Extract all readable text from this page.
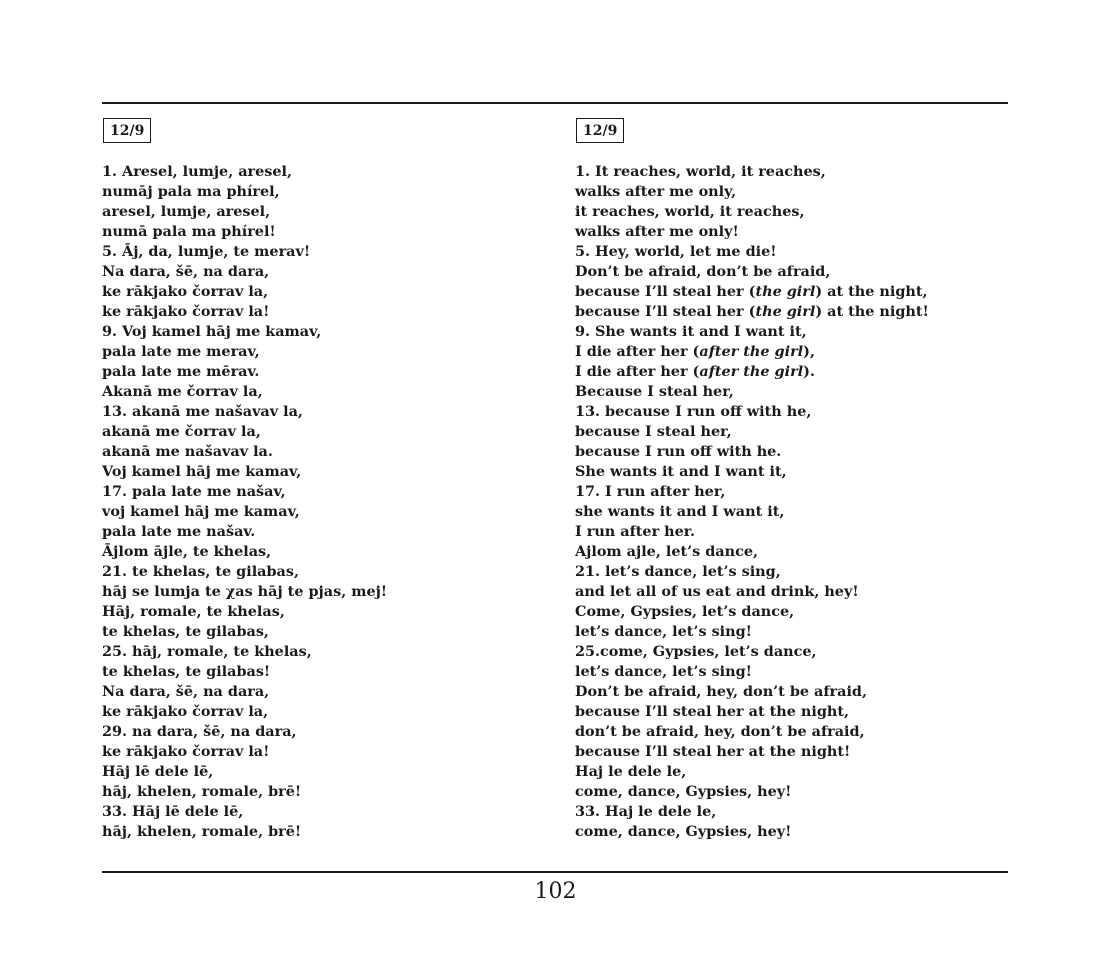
12/9
1. Aresel, lumje, aresel,
numāj pala ma phírel,
aresel, lumje, aresel,
numā pala ma phírel!
5. Āj, da, lumje, te merav!
Na dara, šē, na dara,
ke rākjako čorrav la,
ke rākjako čorrav la!
9. Voj kamel hāj me kamav,
pala late me merav,
pala late me mērav.
Akanā me čorrav la,
13. akanā me našavav la,
akanā me čorrav la,
akanā me našavav la.
Voj kamel hāj me kamav,
17. pala late me našav,
voj kamel hāj me kamav,
pala late me našav.
Ājlom ājle, te khelas,
21. te khelas, te gilabas,
hāj se lumja te χas hāj te pjas, mej!
Hāj, romale, te khelas,
te khelas, te gilabas,
25. hāj, romale, te khelas,
te khelas, te gilabas!
Na dara, šē, na dara,
ke rākjako čorrav la,
29. na dara, šē, na dara,
ke rākjako čorrav la!
Hāj lē dele lē,
hāj, khelen, romale, brē!
33. Hāj lē dele lē,
hāj, khelen, romale, brē!
12/9
1. It reaches, world, it reaches,
walks after me only,
it reaches, world, it reaches,
walks after me only!
5. Hey, world, let me die!
Don’t be afraid, don’t be afraid,
because I’ll steal her (the girl) at the night,
because I’ll steal her (the girl) at the night!
9. She wants it and I want it,
I die after her (after the girl),
I die after her (after the girl).
Because I steal her,
13. because I run off with he,
because I steal her,
because I run off with he.
She wants it and I want it,
17. I run after her,
she wants it and I want it,
I run after her.
Ajlom ajle, let’s dance,
21. let’s dance, let’s sing,
and let all of us eat and drink, hey!
Come, Gypsies, let’s dance,
let’s dance, let’s sing!
25.come, Gypsies, let’s dance,
let’s dance, let’s sing!
Don’t be afraid, hey, don’t be afraid,
because I’ll steal her at the night,
don’t be afraid, hey, don’t be afraid,
because I’ll steal her at the night!
Haj le dele le,
come, dance, Gypsies, hey!
33. Haj le dele le,
come, dance, Gypsies, hey!
102
